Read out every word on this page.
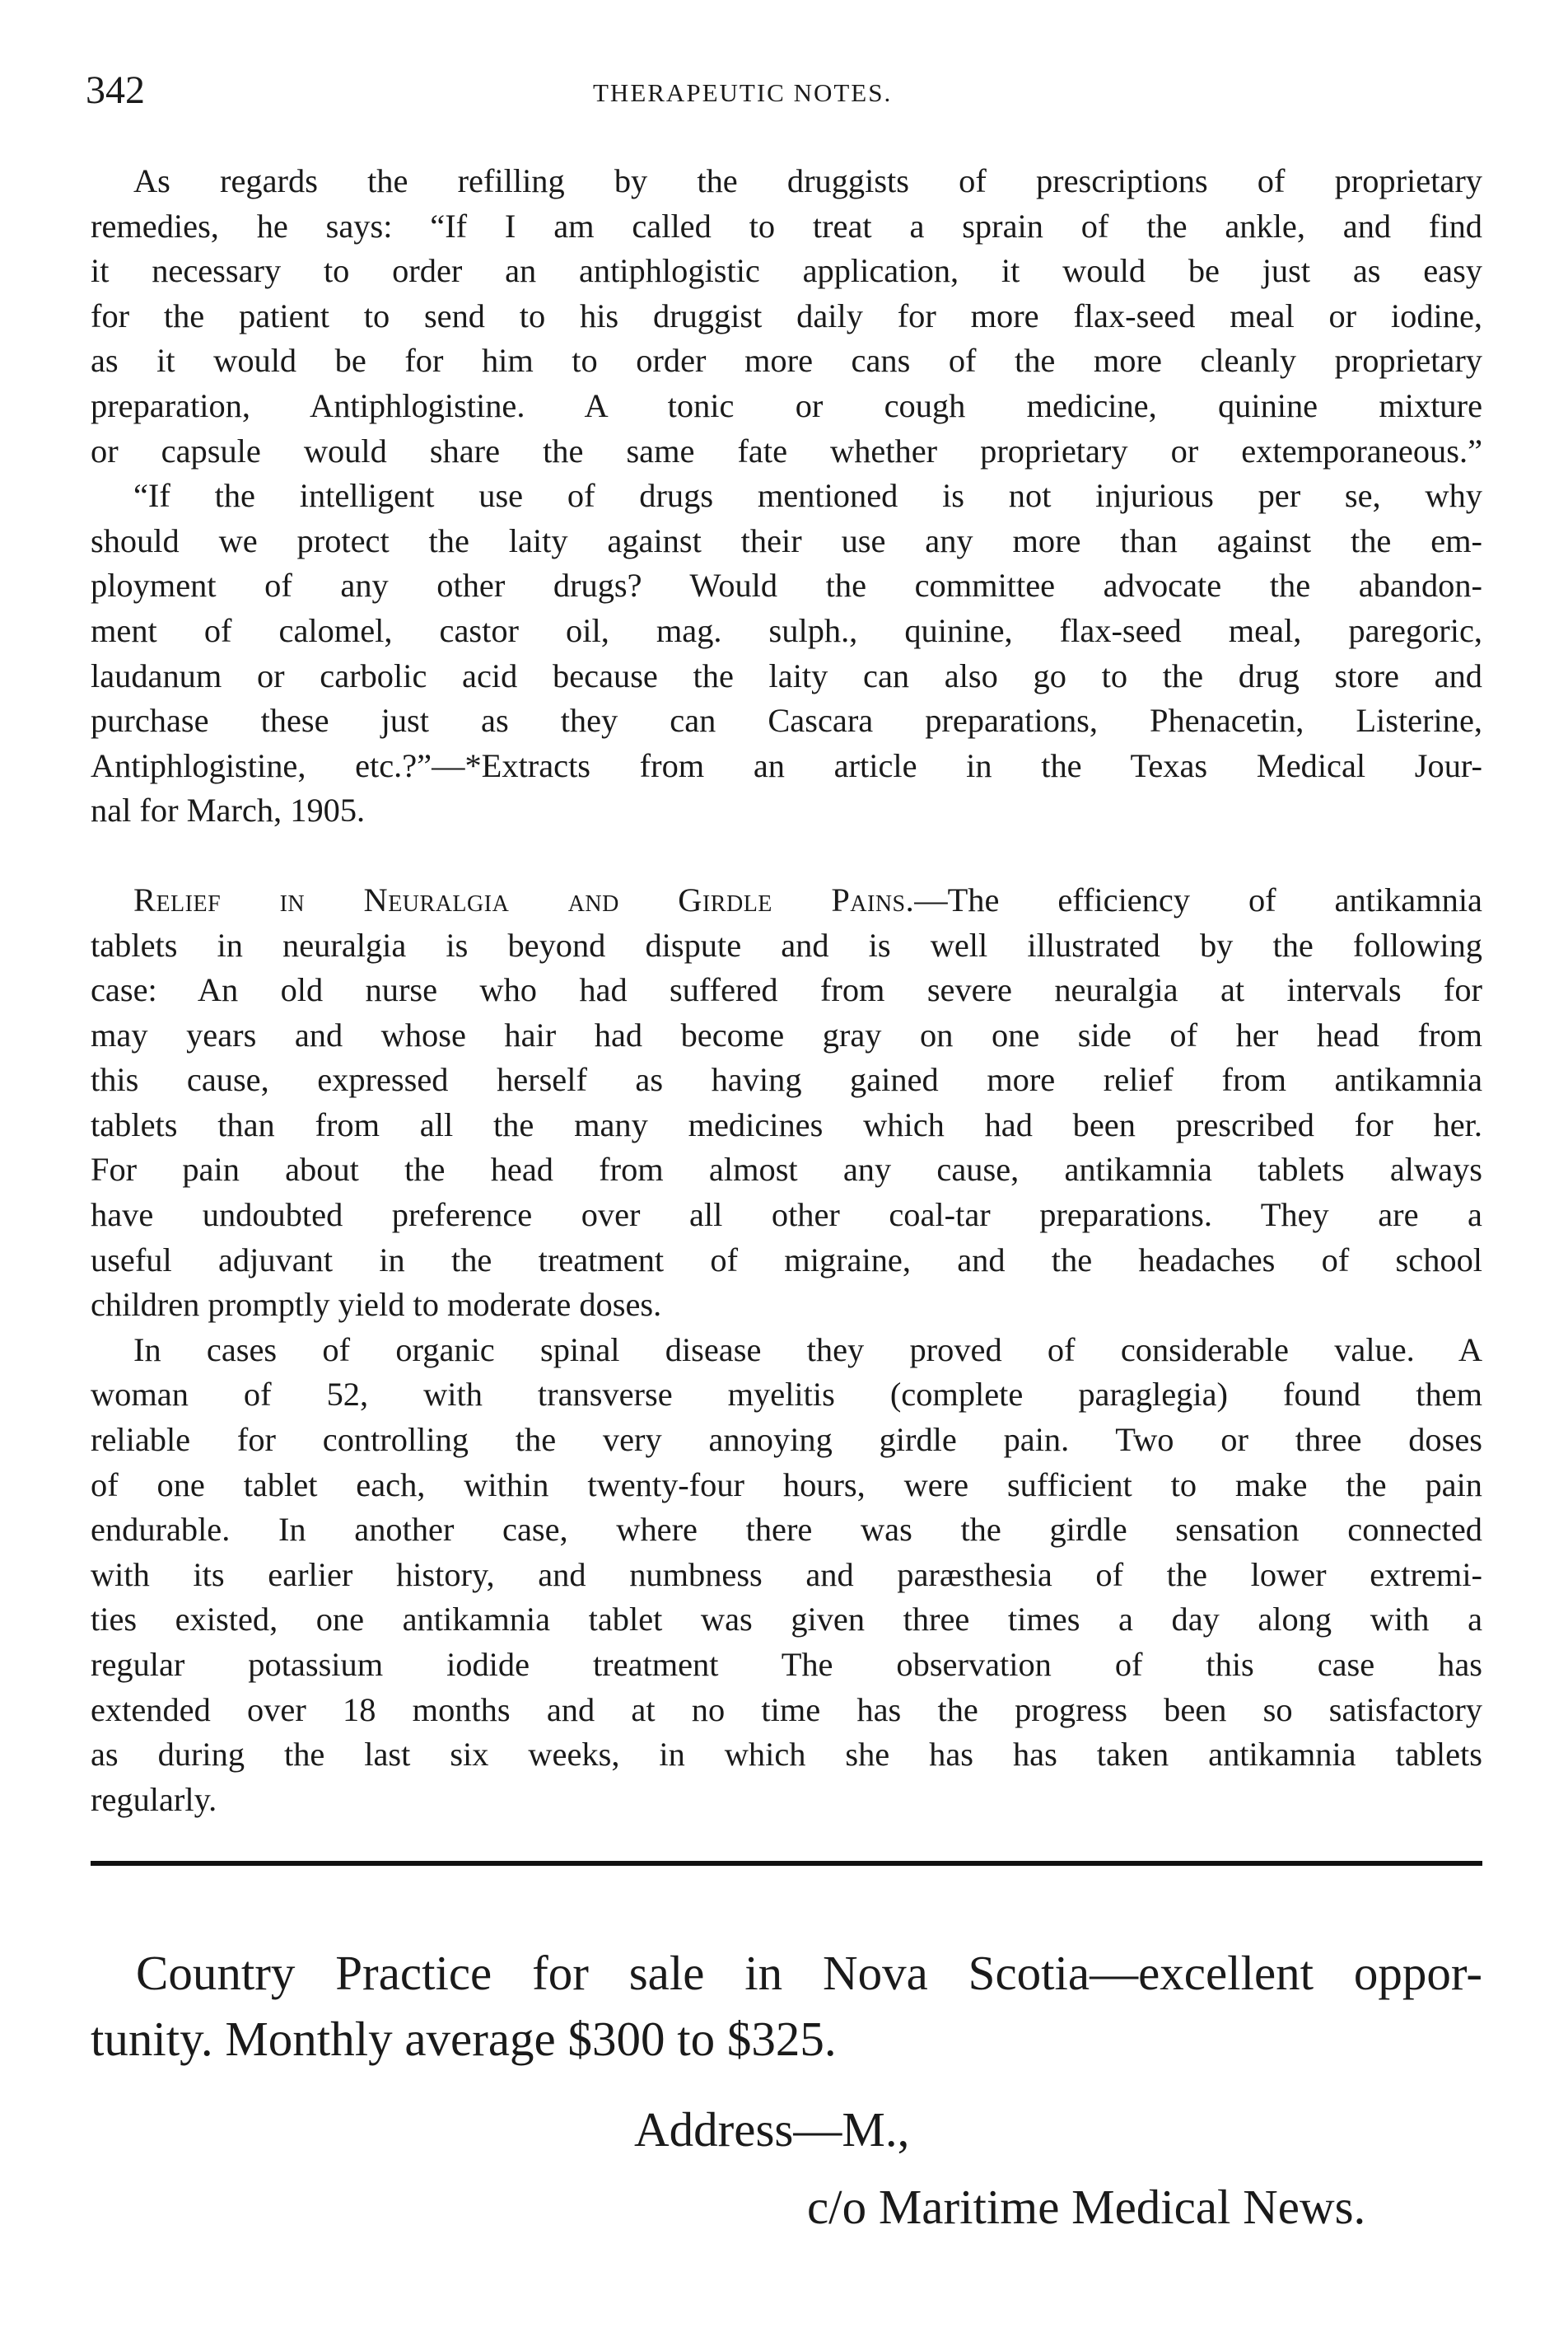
342	THERAPEUTIC NOTES.
As regards the refilling by the druggists of prescriptions of proprietary
remedies, he says: “If I am called to treat a sprain of the ankle, and find
it necessary to order an antiphlogistic application, it would be just as easy
for the patient to send to his druggist daily for more flax-seed meal or iodine,
as it would be for him to order more cans of the more cleanly proprietary
preparation, Antiphlogistine. A tonic or cough medicine, quinine mixture
or capsule would share the same fate whether proprietary or extemporaneous.”
“If the intelligent use of drugs mentioned is not injurious per se, why
should we protect the laity against their use any more than against the em-
ployment of any other drugs? Would the committee advocate the abandon-
ment of calomel, castor oil, mag. sulph., quinine, flax-seed meal, paregoric,
laudanum or carbolic acid because the laity can also go to the drug store and
purchase these just as they can Cascara preparations, Phenacetin, Listerine,
Antiphlogistine, etc.?”—*Extracts from an article in the Texas Medical Jour-
nal for March, 1905.
Relief in Neuralgia and Girdle Pains.—The efficiency of antikamnia
tablets in neuralgia is beyond dispute and is well illustrated by the following
case: An old nurse who had suffered from severe neuralgia at intervals for
may years and whose hair had become gray on one side of her head from
this cause, expressed herself as having gained more relief from antikamnia
tablets than from all the many medicines which had been prescribed for her.
For pain about the head from almost any cause, antikamnia tablets always
have undoubted preference over all other coal-tar preparations. They are a
useful adjuvant in the treatment of migraine, and the headaches of school
children promptly yield to moderate doses.
In cases of organic spinal disease they proved of considerable value. A
woman of 52, with transverse myelitis (complete paraglegia) found them
reliable for controlling the very annoying girdle pain. Two or three doses
of one tablet each, within twenty-four hours, were sufficient to make the pain
endurable. In another case, where there was the girdle sensation connected
with its earlier history, and numbness and paræsthesia of the lower extremi-
ties existed, one antikamnia tablet was given three times a day along with a
regular potassium iodide treatment The observation of this case has
extended over 18 months and at no time has the progress been so satisfactory
as during the last six weeks, in which she has has taken antikamnia tablets
regularly.
Country Practice for sale in Nova Scotia—excellent oppor-
tunity. Monthly average $300 to $325.
Address—M.,
c/o Maritime Medical News.
